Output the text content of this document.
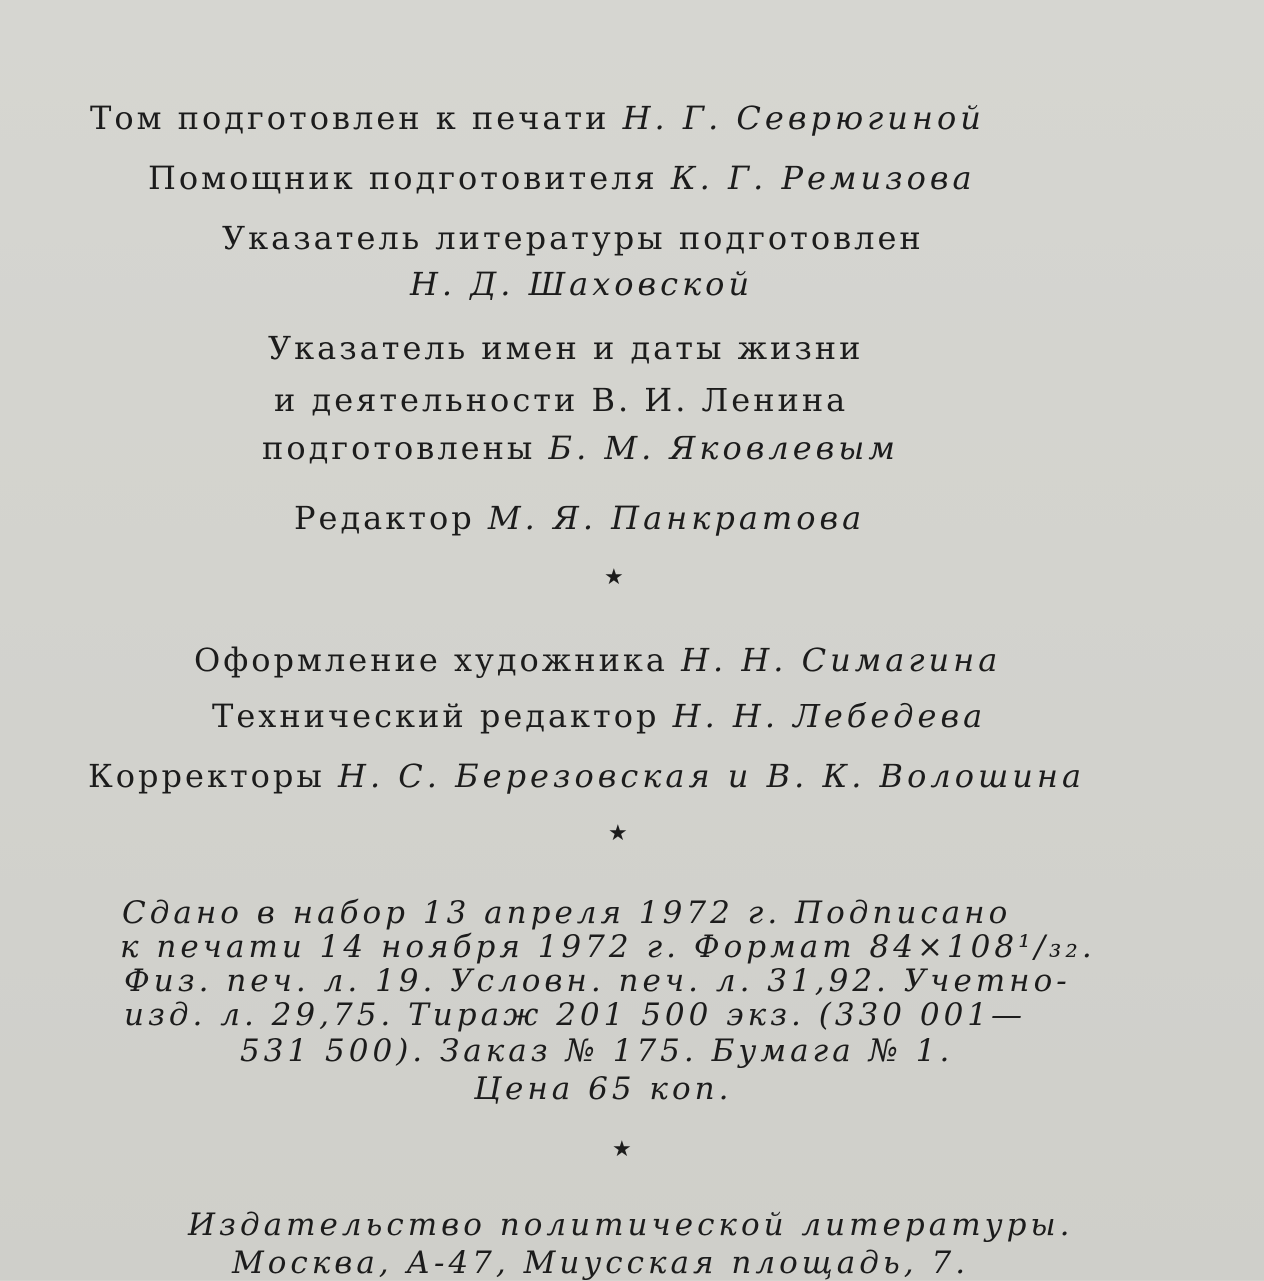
Том подготовлен к печати Н. Г. Севрюгиной
Помощник подготовителя К. Г. Ремизова
Указатель литературы подготовлен
Н. Д. Шаховской
Указатель имен и даты жизни
и деятельности В. И. Ленина
подготовлены Б. М. Яковлевым
Редактор М. Я. Панкратова
★
Оформление художника Н. Н. Симагина
Технический редактор Н. Н. Лебедева
Корректоры Н. С. Березовская и В. К. Волошина
★
Сдано в набор 13 апреля 1972 г. Подписано
к печати 14 ноября 1972 г. Формат 84×108¹/₃₂.
Физ. печ. л. 19. Условн. печ. л. 31,92. Учетно-
изд. л. 29,75. Тираж 201 500 экз. (330 001—
531 500). Заказ № 175. Бумага № 1.
Цена 65 коп.
★
Издательство политической литературы.
Москва, А-47, Миусская площадь, 7.
